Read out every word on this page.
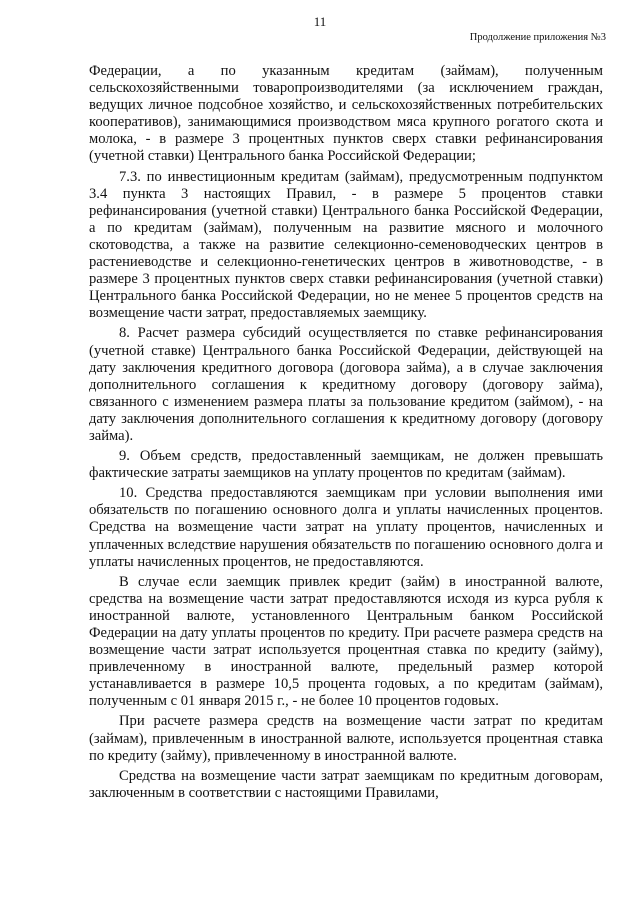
11
Продолжение приложения №3

Федерации, а по указанным кредитам (займам), полученным сельскохозяйственными товаропроизводителями (за исключением граждан, ведущих личное подсобное хозяйство, и сельскохозяйственных потребительских кооперативов), занимающимися производством мяса крупного рогатого скота и молока, - в размере 3 процентных пунктов сверх ставки рефинансирования (учетной ставки) Центрального банка Российской Федерации;

7.3. по инвестиционным кредитам (займам), предусмотренным подпунктом 3.4 пункта 3 настоящих Правил, - в размере 5 процентов ставки рефинансирования (учетной ставки) Центрального банка Российской Федерации, а по кредитам (займам), полученным на развитие мясного и молочного скотоводства, а также на развитие селекционно-семеноводческих центров в растениеводстве и селекционно-генетических центров в животноводстве, - в размере 3 процентных пунктов сверх ставки рефинансирования (учетной ставки) Центрального банка Российской Федерации, но не менее 5 процентов средств на возмещение части затрат, предоставляемых заемщику.

8. Расчет размера субсидий осуществляется по ставке рефинансирования (учетной ставке) Центрального банка Российской Федерации, действующей на дату заключения кредитного договора (договора займа), а в случае заключения дополнительного соглашения к кредитному договору (договору займа), связанного с изменением размера платы за пользование кредитом (займом), - на дату заключения дополнительного соглашения к кредитному договору (договору займа).

9. Объем средств, предоставленный заемщикам, не должен превышать фактические затраты заемщиков на уплату процентов по кредитам (займам).

10. Средства предоставляются заемщикам при условии выполнения ими обязательств по погашению основного долга и уплаты начисленных процентов. Средства на возмещение части затрат на уплату процентов, начисленных и уплаченных вследствие нарушения обязательств по погашению основного долга и уплаты начисленных процентов, не предоставляются.

В случае если заемщик привлек кредит (займ) в иностранной валюте, средства на возмещение части затрат предоставляются исходя из курса рубля к иностранной валюте, установленного Центральным банком Российской Федерации на дату уплаты процентов по кредиту. При расчете размера средств на возмещение части затрат используется процентная ставка по кредиту (займу), привлеченному в иностранной валюте, предельный размер которой устанавливается в размере 10,5 процента годовых, а по кредитам (займам), полученным с 01 января 2015 г., - не более 10 процентов годовых.

При расчете размера средств на возмещение части затрат по кредитам (займам), привлеченным в иностранной валюте, используется процентная ставка по кредиту (займу), привлеченному в иностранной валюте.

Средства на возмещение части затрат заемщикам по кредитным договорам, заключенным в соответствии с настоящими Правилами,
